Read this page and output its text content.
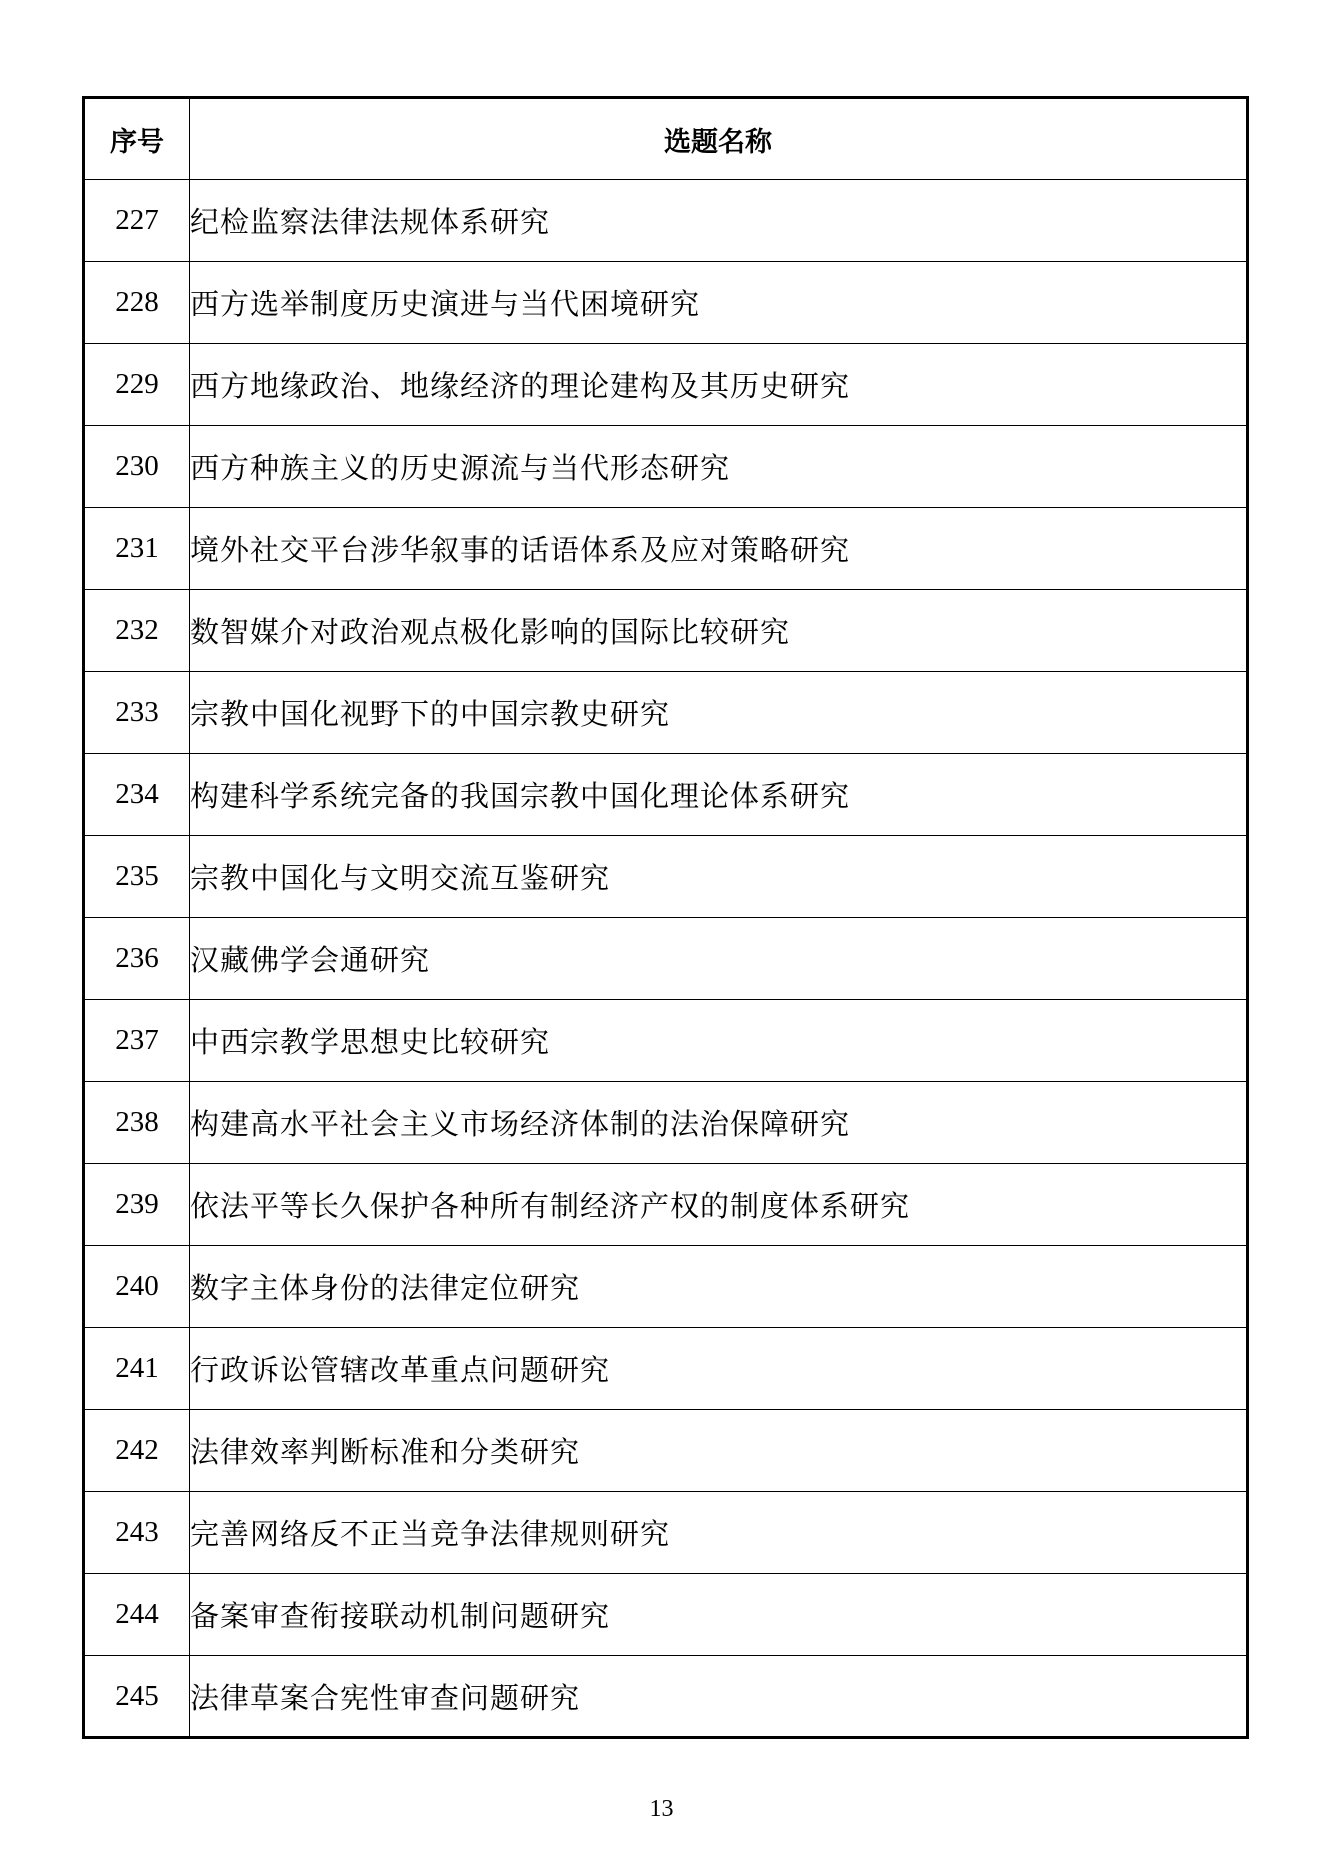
序号	选题名称
227	纪检监察法律法规体系研究
228	西方选举制度历史演进与当代困境研究
229	西方地缘政治、地缘经济的理论建构及其历史研究
230	西方种族主义的历史源流与当代形态研究
231	境外社交平台涉华叙事的话语体系及应对策略研究
232	数智媒介对政治观点极化影响的国际比较研究
233	宗教中国化视野下的中国宗教史研究
234	构建科学系统完备的我国宗教中国化理论体系研究
235	宗教中国化与文明交流互鉴研究
236	汉藏佛学会通研究
237	中西宗教学思想史比较研究
238	构建高水平社会主义市场经济体制的法治保障研究
239	依法平等长久保护各种所有制经济产权的制度体系研究
240	数字主体身份的法律定位研究
241	行政诉讼管辖改革重点问题研究
242	法律效率判断标准和分类研究
243	完善网络反不正当竞争法律规则研究
244	备案审查衔接联动机制问题研究
245	法律草案合宪性审查问题研究
13
